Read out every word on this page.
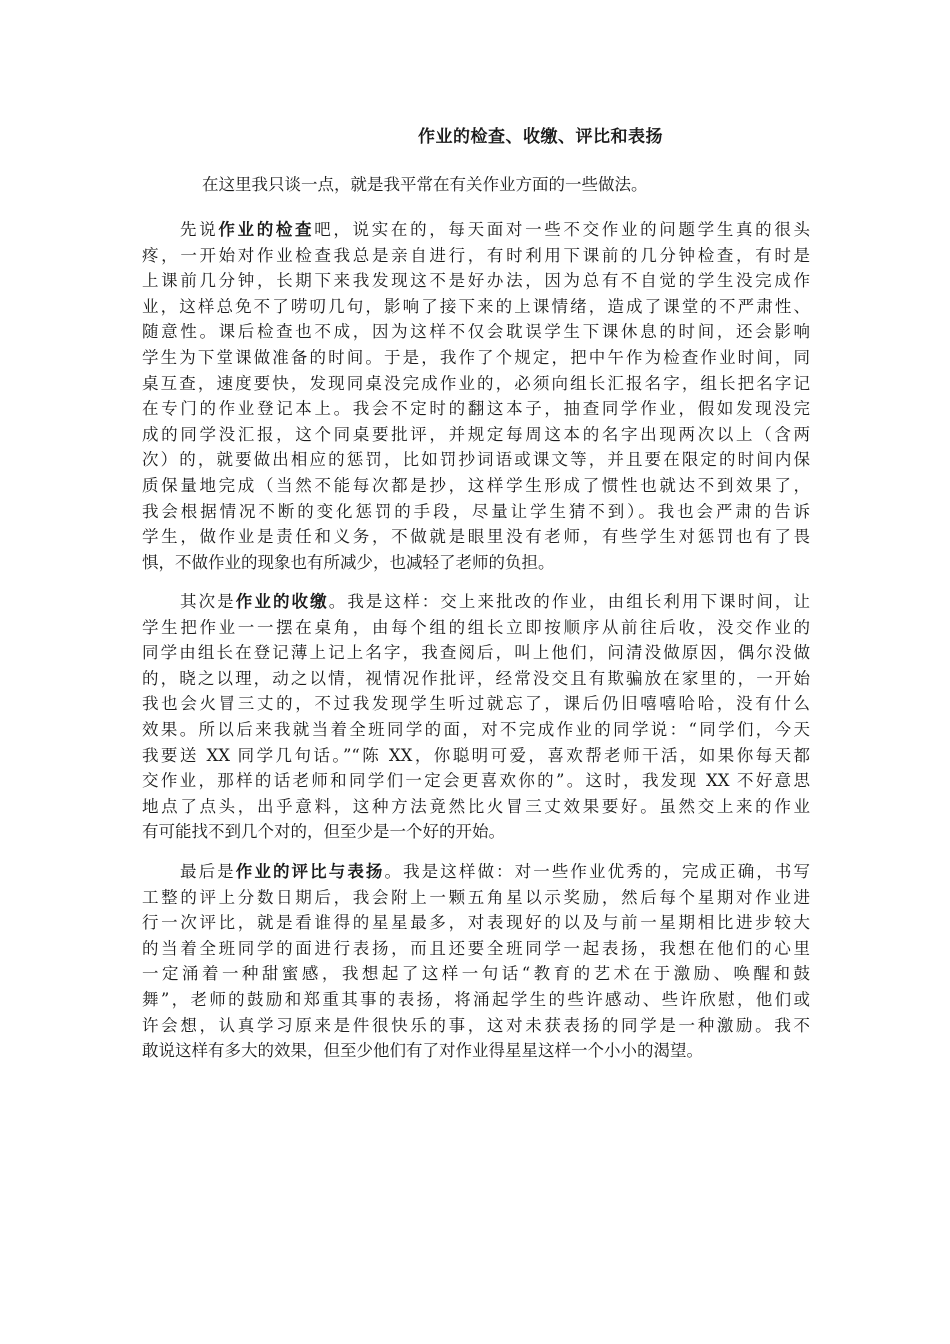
作业的检查、收缴、评比和表扬

在这里我只谈一点，就是我平常在有关作业方面的一些做法。

先说作业的检查吧，说实在的，每天面对一些不交作业的问题学生真的很头
疼，一开始对作业检查我总是亲自进行，有时利用下课前的几分钟检查，有时是
上课前几分钟，长期下来我发现这不是好办法，因为总有不自觉的学生没完成作
业，这样总免不了唠叨几句，影响了接下来的上课情绪，造成了课堂的不严肃性、
随意性。课后检查也不成，因为这样不仅会耽误学生下课休息的时间，还会影响
学生为下堂课做准备的时间。于是，我作了个规定，把中午作为检查作业时间，同
桌互查，速度要快，发现同桌没完成作业的，必须向组长汇报名字，组长把名字记
在专门的作业登记本上。我会不定时的翻这本子，抽查同学作业，假如发现没完
成的同学没汇报，这个同桌要批评，并规定每周这本的名字出现两次以上（含两
次）的，就要做出相应的惩罚，比如罚抄词语或课文等，并且要在限定的时间内保
质保量地完成（当然不能每次都是抄，这样学生形成了惯性也就达不到效果了，
我会根据情况不断的变化惩罚的手段，尽量让学生猜不到）。我也会严肃的告诉
学生，做作业是责任和义务，不做就是眼里没有老师，有些学生对惩罚也有了畏
惧，不做作业的现象也有所减少，也减轻了老师的负担。
其次是作业的收缴。我是这样：交上来批改的作业，由组长利用下课时间，让
学生把作业一一摆在桌角，由每个组的组长立即按顺序从前往后收，没交作业的
同学由组长在登记薄上记上名字，我查阅后，叫上他们，问清没做原因，偶尔没做
的，晓之以理，动之以情，视情况作批评，经常没交且有欺骗放在家里的，一开始
我也会火冒三丈的，不过我发现学生听过就忘了，课后仍旧嘻嘻哈哈，没有什么
效果。所以后来我就当着全班同学的面，对不完成作业的同学说：“同学们，今天
我要送 XX 同学几句话。”“陈 XX，你聪明可爱，喜欢帮老师干活，如果你每天都
交作业，那样的话老师和同学们一定会更喜欢你的”。这时，我发现 XX 不好意思
地点了点头，出乎意料，这种方法竟然比火冒三丈效果要好。虽然交上来的作业
有可能找不到几个对的，但至少是一个好的开始。
最后是作业的评比与表扬。我是这样做：对一些作业优秀的，完成正确，书写
工整的评上分数日期后，我会附上一颗五角星以示奖励，然后每个星期对作业进
行一次评比，就是看谁得的星星最多，对表现好的以及与前一星期相比进步较大
的当着全班同学的面进行表扬，而且还要全班同学一起表扬，我想在他们的心里
一定涌着一种甜蜜感，我想起了这样一句话“教育的艺术在于激励、唤醒和鼓
舞”，老师的鼓励和郑重其事的表扬，将涌起学生的些许感动、些许欣慰，他们或
许会想，认真学习原来是件很快乐的事，这对未获表扬的同学是一种激励。我不
敢说这样有多大的效果，但至少他们有了对作业得星星这样一个小小的渴望。
